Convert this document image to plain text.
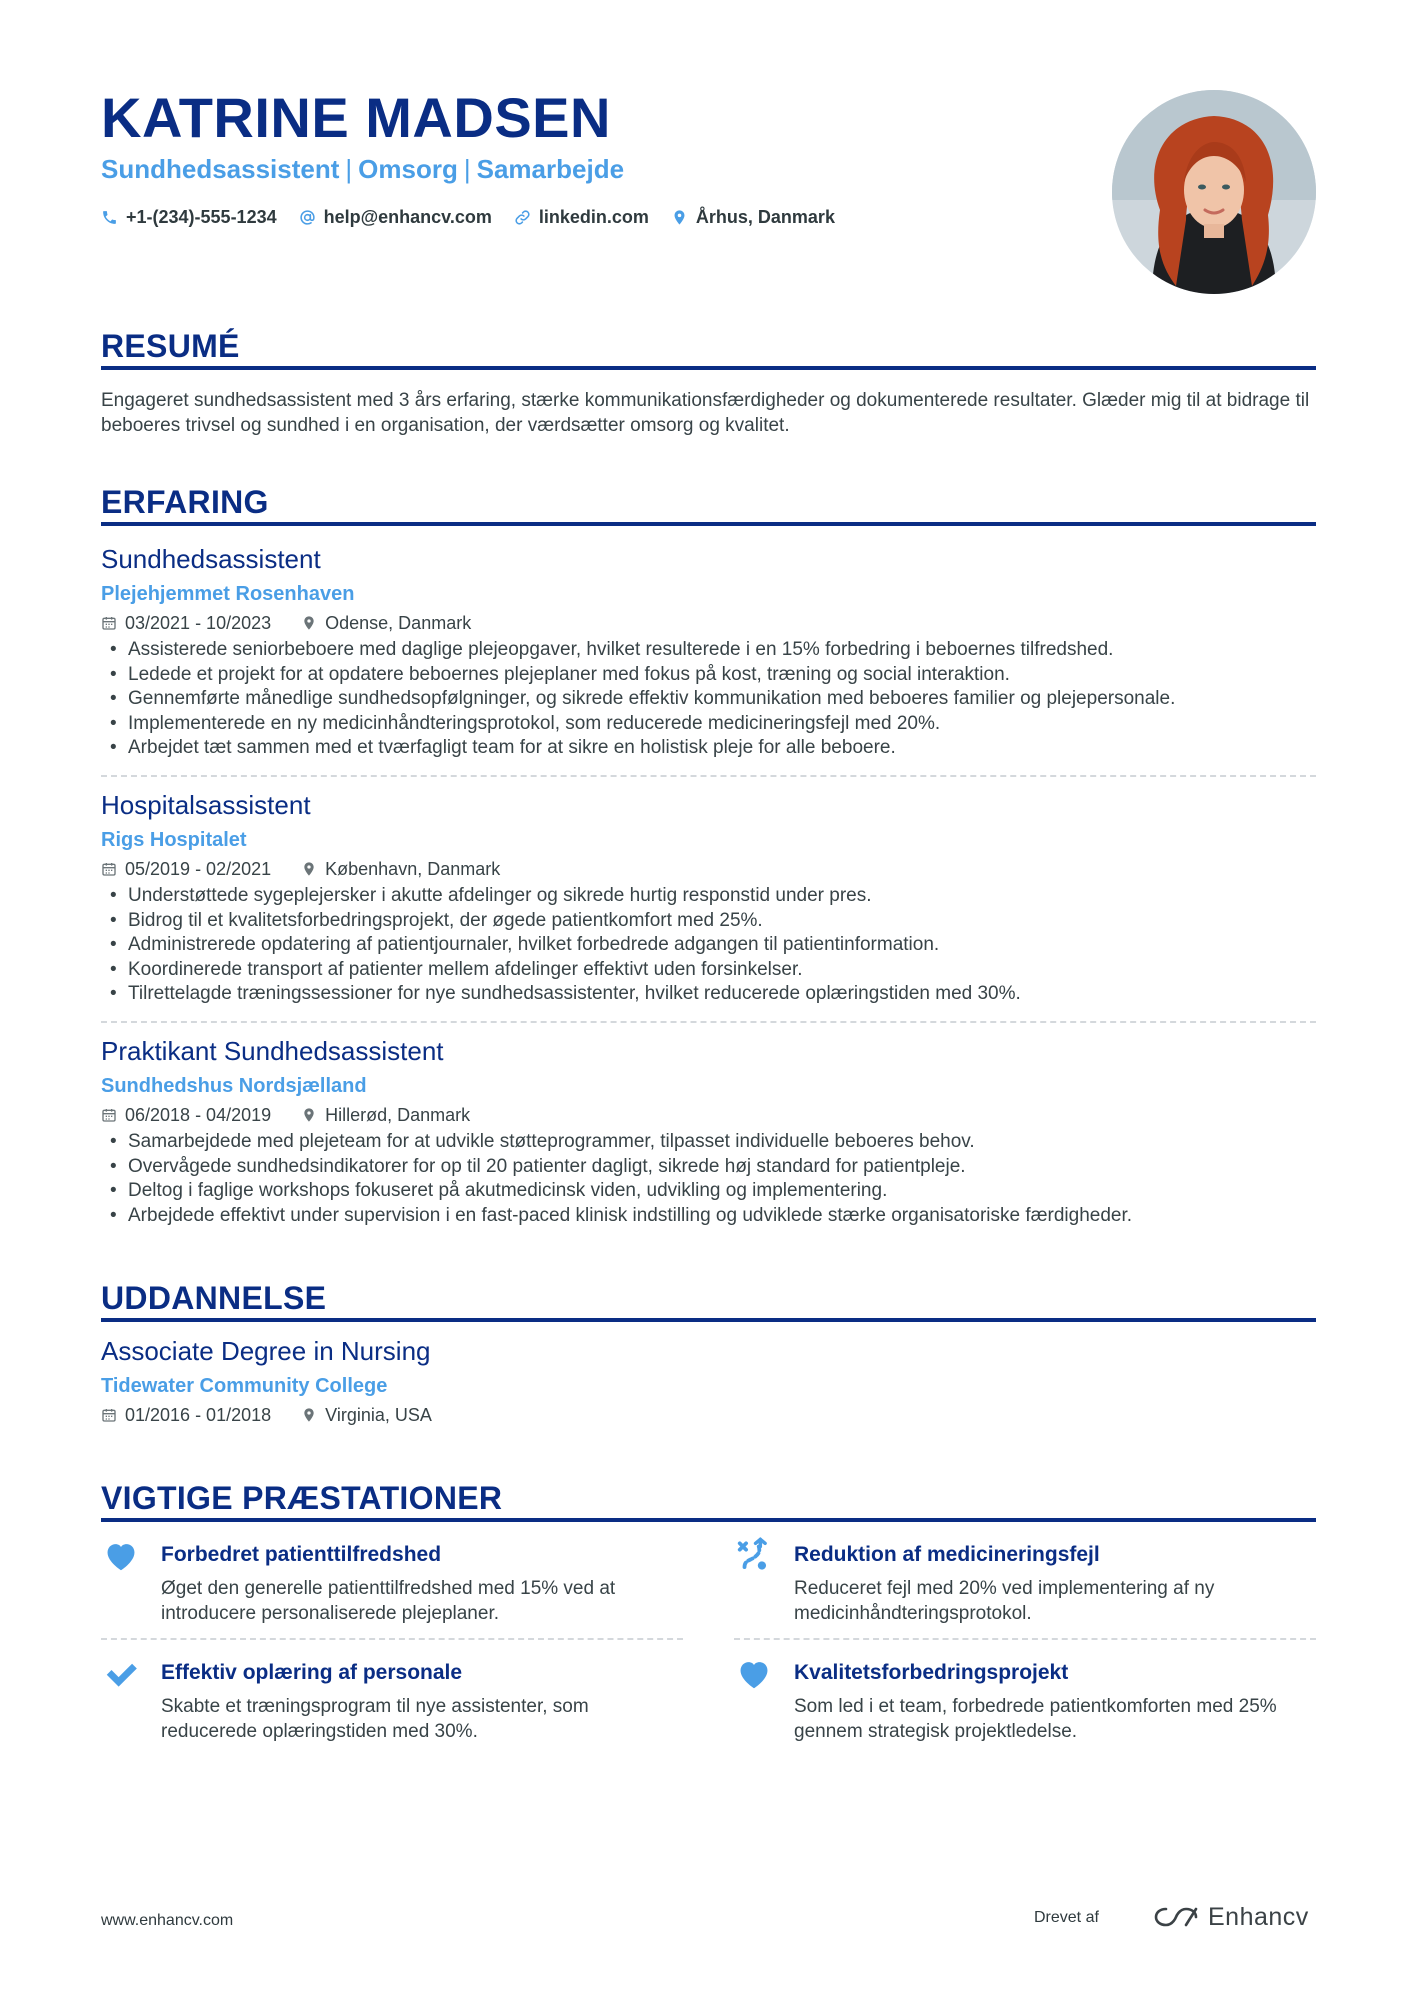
KATRINE MADSEN
Sundhedsassistent | Omsorg | Samarbejde
+1-(234)-555-1234	help@enhancv.com	linkedin.com	Århus, Danmark
RESUMÉ
Engageret sundhedsassistent med 3 års erfaring, stærke kommunikationsfærdigheder og dokumenterede resultater. Glæder mig til at bidrage til beboeres trivsel og sundhed i en organisation, der værdsætter omsorg og kvalitet.
ERFARING
Sundhedsassistent
Plejehjemmet Rosenhaven
03/2021 - 10/2023	Odense, Danmark
• Assisterede seniorbeboere med daglige plejeopgaver, hvilket resulterede i en 15% forbedring i beboernes tilfredshed.
• Ledede et projekt for at opdatere beboernes plejeplaner med fokus på kost, træning og social interaktion.
• Gennemførte månedlige sundhedsopfølgninger, og sikrede effektiv kommunikation med beboeres familier og plejepersonale.
• Implementerede en ny medicinhåndteringsprotokol, som reducerede medicineringsfejl med 20%.
• Arbejdet tæt sammen med et tværfagligt team for at sikre en holistisk pleje for alle beboere.
Hospitalsassistent
Rigs Hospitalet
05/2019 - 02/2021	København, Danmark
• Understøttede sygeplejersker i akutte afdelinger og sikrede hurtig responstid under pres.
• Bidrog til et kvalitetsforbedringsprojekt, der øgede patientkomfort med 25%.
• Administrerede opdatering af patientjournaler, hvilket forbedrede adgangen til patientinformation.
• Koordinerede transport af patienter mellem afdelinger effektivt uden forsinkelser.
• Tilrettelagde træningssessioner for nye sundhedsassistenter, hvilket reducerede oplæringstiden med 30%.
Praktikant Sundhedsassistent
Sundhedshus Nordsjælland
06/2018 - 04/2019	Hillerød, Danmark
• Samarbejdede med plejeteam for at udvikle støtteprogrammer, tilpasset individuelle beboeres behov.
• Overvågede sundhedsindikatorer for op til 20 patienter dagligt, sikrede høj standard for patientpleje.
• Deltog i faglige workshops fokuseret på akutmedicinsk viden, udvikling og implementering.
• Arbejdede effektivt under supervision i en fast-paced klinisk indstilling og udviklede stærke organisatoriske færdigheder.
UDDANNELSE
Associate Degree in Nursing
Tidewater Community College
01/2016 - 01/2018	Virginia, USA
VIGTIGE PRÆSTATIONER
Forbedret patienttilfredshed
Øget den generelle patienttilfredshed med 15% ved at introducere personaliserede plejeplaner.
Reduktion af medicineringsfejl
Reduceret fejl med 20% ved implementering af ny medicinhåndteringsprotokol.
Effektiv oplæring af personale
Skabte et træningsprogram til nye assistenter, som reducerede oplæringstiden med 30%.
Kvalitetsforbedringsprojekt
Som led i et team, forbedrede patientkomforten med 25% gennem strategisk projektledelse.
www.enhancv.com	Drevet af	Enhancv
